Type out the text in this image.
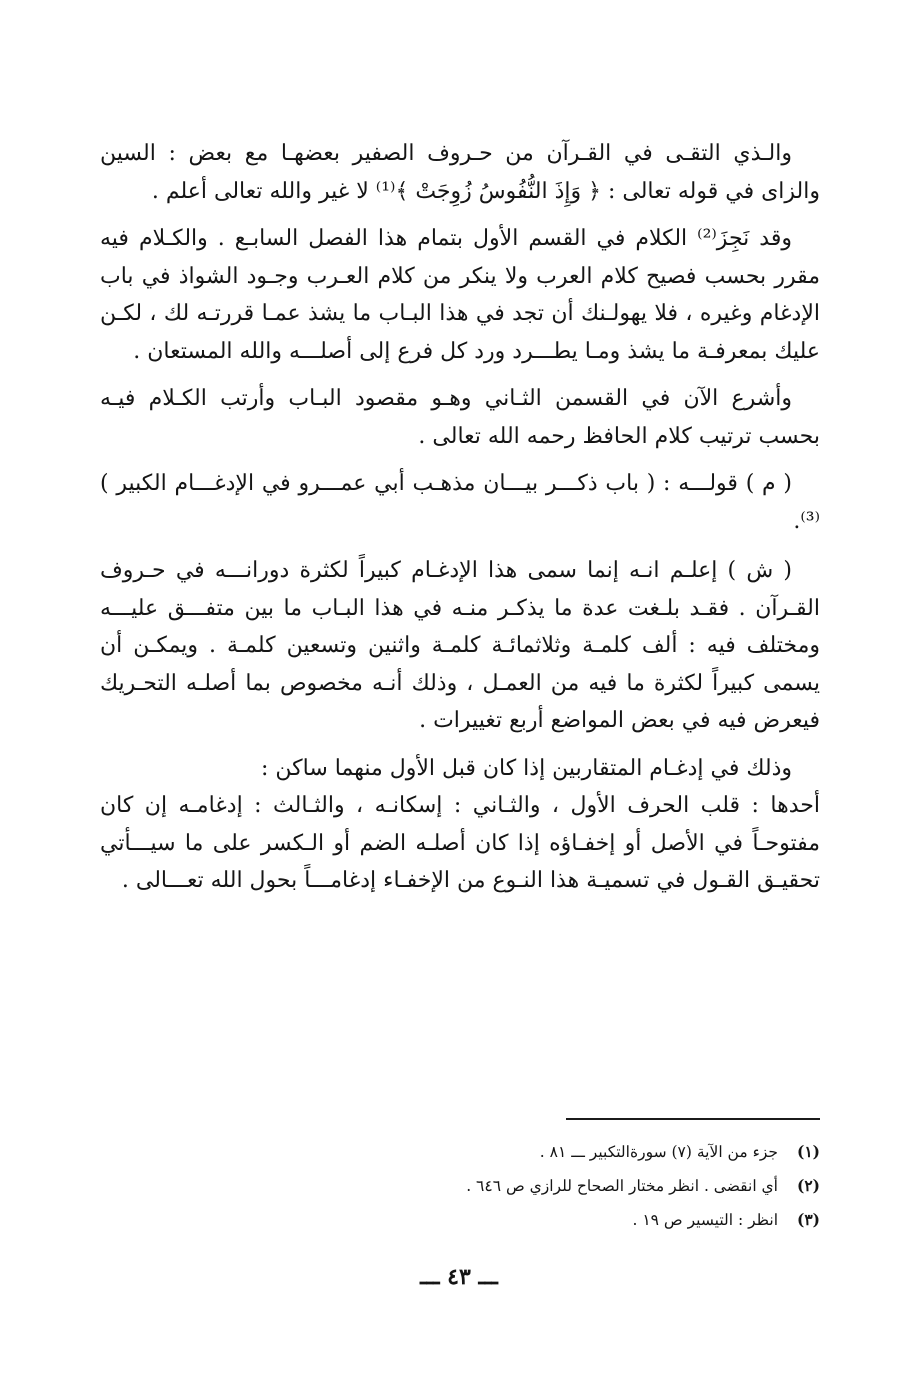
والـذي التقـى في القـرآن من حـروف الصفير بعضهـا مع بعض : السين والزاى في قوله تعالى : ﴿ وَإِذَ النُّفُوسُ زُوِجَتْ ﴾⁽¹⁾ لا غير والله تعالى أعلم .

وقد نَجِزَ⁽²⁾ الكلام في القسم الأول بتمام هذا الفصل السابـع . والكـلام فيه مقرر بحسب فصيح كلام العرب ولا ينكر من كلام العـرب وجـود الشواذ في باب الإدغام وغيره ، فلا يهولـنك أن تجد في هذا البـاب ما يشذ عمـا قررتـه لك ، لكـن عليك بمعرفـة ما يشذ ومـا يطـــرد ورد كل فرع إلى أصلـــه والله المستعان .

وأشرع الآن في القسمن الثـاني وهـو مقصود البـاب وأرتب الكـلام فيـه بحسب ترتيب كلام الحافظ رحمه الله تعالى .

( م ) قولـــه : ( باب ذكـــر بيـــان مذهـب أبي عمـــرو في الإدغـــام الكبير )⁽³⁾.

( ش ) إعلـم انـه إنما سمى هذا الإدغـام كبيراً لكثرة دورانـــه في حـروف القـرآن . فقـد بلـغت عدة ما يذكـر منـه في هذا البـاب ما بين متفـــق عليـــه ومختلف فيه : ألف كلمـة وثلاثمائـة كلمـة واثنين وتسعين كلمـة . ويمكـن أن يسمى كبيراً لكثرة ما فيه من العمـل ، وذلك أنـه مخصوص بما أصلـه التحـريك فيعرض فيه في بعض المواضع أربع تغييرات .

وذلك في إدغـام المتقاربين إذا كان قبل الأول منهما ساكن :

أحدها : قلب الحرف الأول ، والثـاني : إسكانـه ، والثـالث : إدغامـه إن كان مفتوحـاً في الأصل أو إخفـاؤه إذا كان أصلـه الضم أو الـكسر على ما سيـــأتي تحقيـق القـول في تسميـة هذا النـوع من الإخفـاء إدغامـــاً بحول الله تعـــالى .

(١)
جزء من الآية (٧) سورةالتكبير ـــ ٨١ .
(٢)
أي انقضى . انظر مختار الصحاح للرازي ص ٦٤٦ .
(٣)
انظر : التيسير ص ١٩ .
ـــ ٤٣ ـــ
